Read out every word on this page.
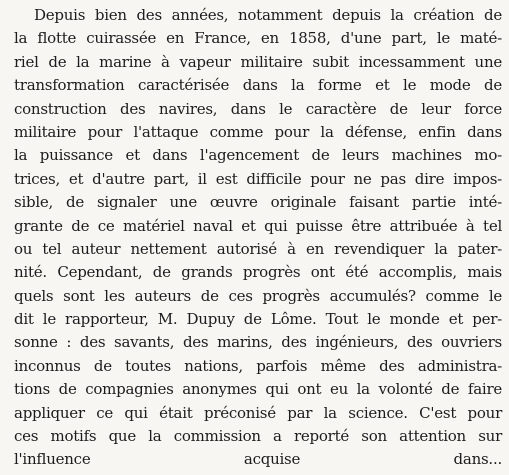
Depuis bien des années, notamment depuis la création de
la flotte cuirassée en France, en 1858, d'une part, le maté-
riel de la marine à vapeur militaire subit incessamment une
transformation caractérisée dans la forme et le mode de
construction des navires, dans le caractère de leur force
militaire pour l'attaque comme pour la défense, enfin dans
la puissance et dans l'agencement de leurs machines mo-
trices, et d'autre part, il est difficile pour ne pas dire impos-
sible, de signaler une œuvre originale faisant partie inté-
grante de ce matériel naval et qui puisse être attribuée à tel
ou tel auteur nettement autorisé à en revendiquer la pater-
nité. Cependant, de grands progrès ont été accomplis, mais
quels sont les auteurs de ces progrès accumulés? comme le
dit le rapporteur, M. Dupuy de Lôme. Tout le monde et per-
sonne : des savants, des marins, des ingénieurs, des ouvriers
inconnus de toutes nations, parfois même des administra-
tions de compagnies anonymes qui ont eu la volonté de faire
appliquer ce qui était préconisé par la science. C'est pour
ces motifs que la commission a reporté son attention sur
l'influence acquise dans...
